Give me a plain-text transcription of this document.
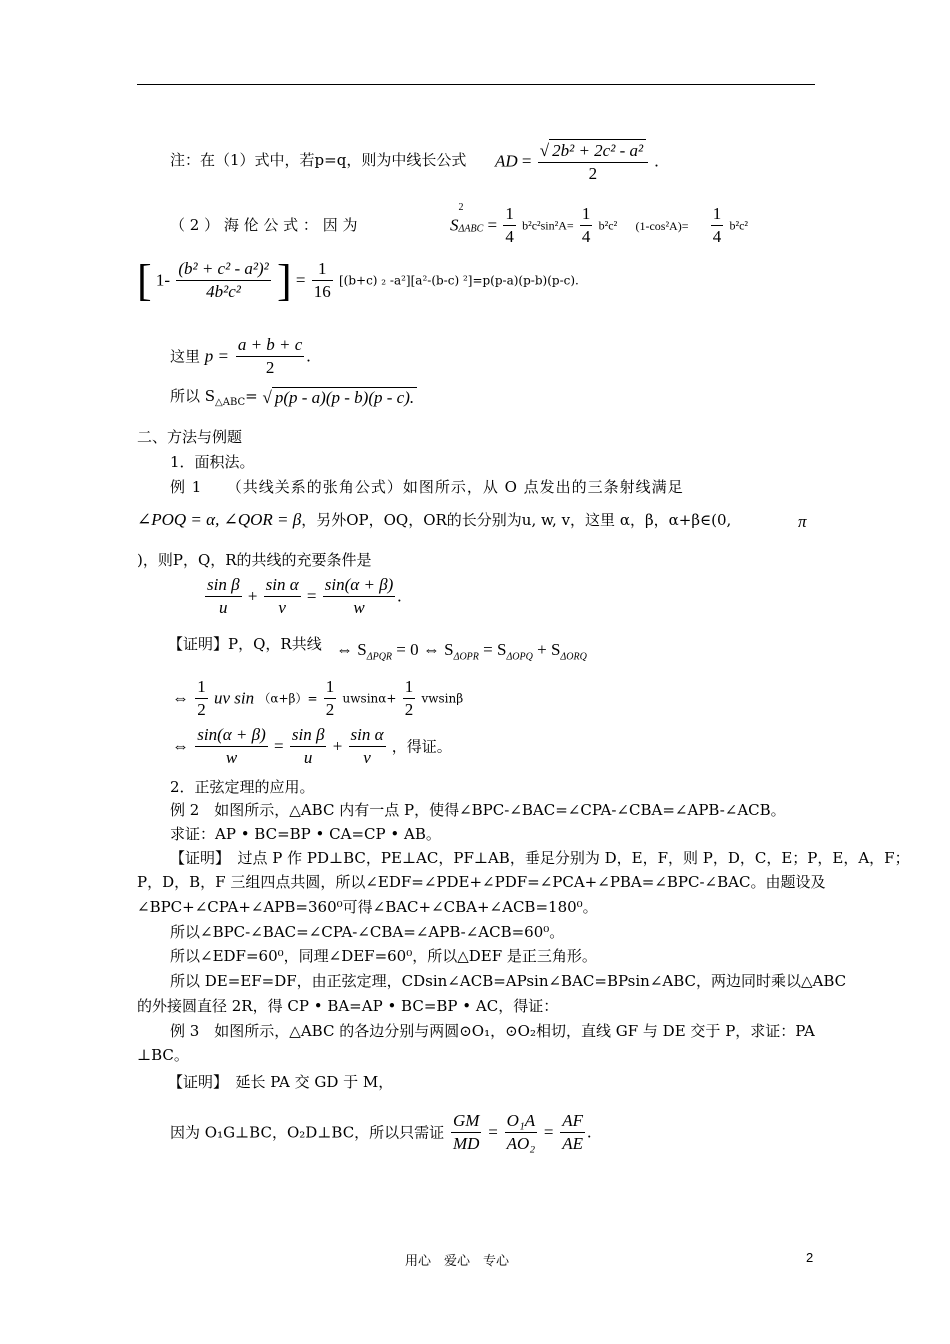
注：在（1）式中，若p=q，则为中线长公式 AD = $\frac{\text{√ 2b² + 2c² - a²}}{2}$ .
（ 2 ） 海 伦 公 式 ： 因 为	S
2
$_{\Delta ABC} = \frac{1}{4} b^2c^2\sin^2A= \frac{1}{4} b^2c^2$ $(1-\cos^2A)= \frac{1}{4} b^2c^2$
[ $1- \frac{\text{(b² + c² - a²)²}}{\text{4b²c²}}$ ] = $\frac{1}{16} [(b+c)$ ₂ -a²][a²-(b-c) ²]=p(p-a)(p-b)(p-c).
这里 $p = \frac{a + b + c}{2}$ .
所以 $S_{\triangle ABC}=$ √ p(p - a)(p - b)(p - c).
二、方法与例题
1．面积法。
例 1　　（共线关系的张角公式）如图所示，从 O 点发出的三条射线满足
∠POQ = α, ∠QOR = β，另外OP，OQ，OR的长分别为u, w, v，这里 α，β，α+β∈(0,	π
)，则P，Q，R的共线的充要条件是
$\frac{\text{sin β}}{u} + \frac{\text{sin α}}{v} = \frac{\sin(\alpha + \beta)}{w}$ .
【证明】P，Q，R共线 ⇔ $S_{\Delta PQR} = 0$ ⇔ $S_{\Delta OPR} = S_{\Delta OPQ} + S_{\Delta ORQ}$
⇔ $\frac{1}{2}$ uv $\sin (\alpha+\beta)= \frac{1}{2} uwsin\alpha+ \frac{1}{2}$ vwsinβ
⇔ $\frac{\sin(\alpha + \beta)}{w} = \frac{\text{sin β}}{u} + \frac{\text{sin α}}{v}$ ，得证。
2．正弦定理的应用。
例 2　如图所示，△ABC 内有一点 P，使得∠BPC-∠BAC=∠CPA-∠CBA=∠APB-∠ACB。
求证：AP • BC=BP • CA=CP • AB。
【证明】　过点 P 作 PD⊥BC，PE⊥AC，PF⊥AB，垂足分别为 D，E，F，则 P，D，C，E；P，E，A，F；
P，D，B，F 三组四点共圆，所以∠EDF=∠PDE+∠PDF=∠PCA+∠PBA=∠BPC-∠BAC。由题设及
∠BPC+∠CPA+∠APB=360⁰可得∠BAC+∠CBA+∠ACB=180⁰。
所以∠BPC-∠BAC=∠CPA-∠CBA=∠APB-∠ACB=60⁰。
所以∠EDF=60⁰，同理∠DEF=60⁰，所以△DEF 是正三角形。
所以 DE=EF=DF，由正弦定理，CDsin∠ACB=APsin∠BAC=BPsin∠ABC，两边同时乘以△ABC
的外接圆直径 2R，得 CP • BA=AP • BC=BP • AC，得证：
例 3　如图所示，△ABC 的各边分别与两圆⊙O₁，⊙O₂相切，直线 GF 与 DE 交于 P，求证：PA
⊥BC。
【证明】　延长 PA 交 GD 于 M，
因为 O₁G⊥BC，O₂D⊥BC，所以只需证 $\frac{GM}{MD} = \frac{\text{O₁A}}{\text{AO₂}} = \frac{AF}{AE}$ .
用心　爱心　专心	2
